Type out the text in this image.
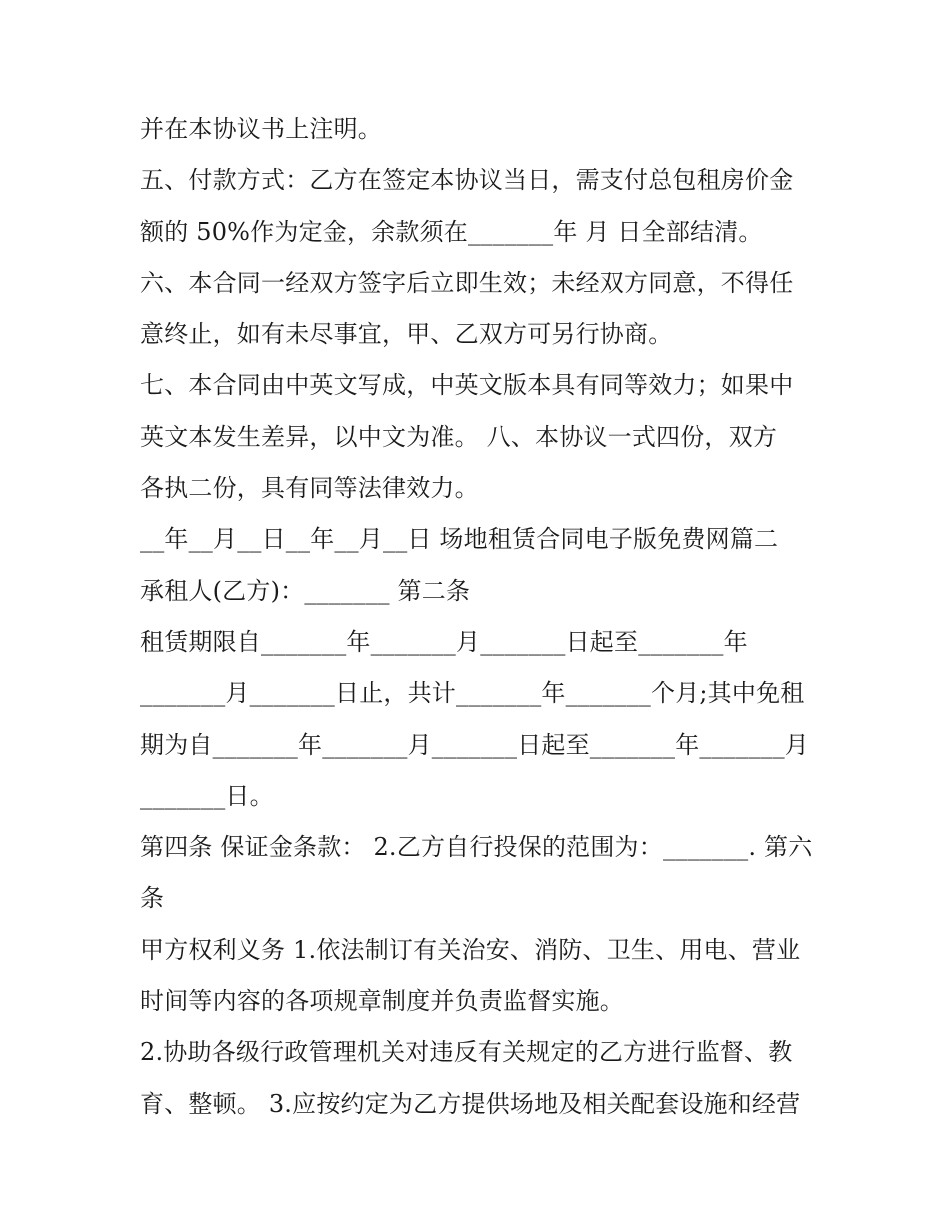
并在本协议书上注明。
五、付款方式：乙方在签定本协议当日，需支付总包租房价金
额的 50%作为定金，余款须在_______年 月 日全部结清。
六、本合同一经双方签字后立即生效；未经双方同意，不得任
意终止，如有未尽事宜，甲、乙双方可另行协商。
七、本合同由中英文写成，中英文版本具有同等效力；如果中
英文本发生差异，以中文为准。 八、本协议一式四份，双方
各执二份，具有同等法律效力。
__年__月__日__年__月__日 场地租赁合同电子版免费网篇二
承租人(乙方)：_______ 第二条
租赁期限自_______年_______月_______日起至_______年
_______月_______日止，共计_______年_______个月;其中免租
期为自_______年_______月_______日起至_______年_______月
_______日。
第四条 保证金条款： 2.乙方自行投保的范围为：_______. 第六
条
甲方权利义务 1.依法制订有关治安、消防、卫生、用电、营业
时间等内容的各项规章制度并负责监督实施。
2.协助各级行政管理机关对违反有关规定的乙方进行监督、教
育、整顿。 3.应按约定为乙方提供场地及相关配套设施和经营
